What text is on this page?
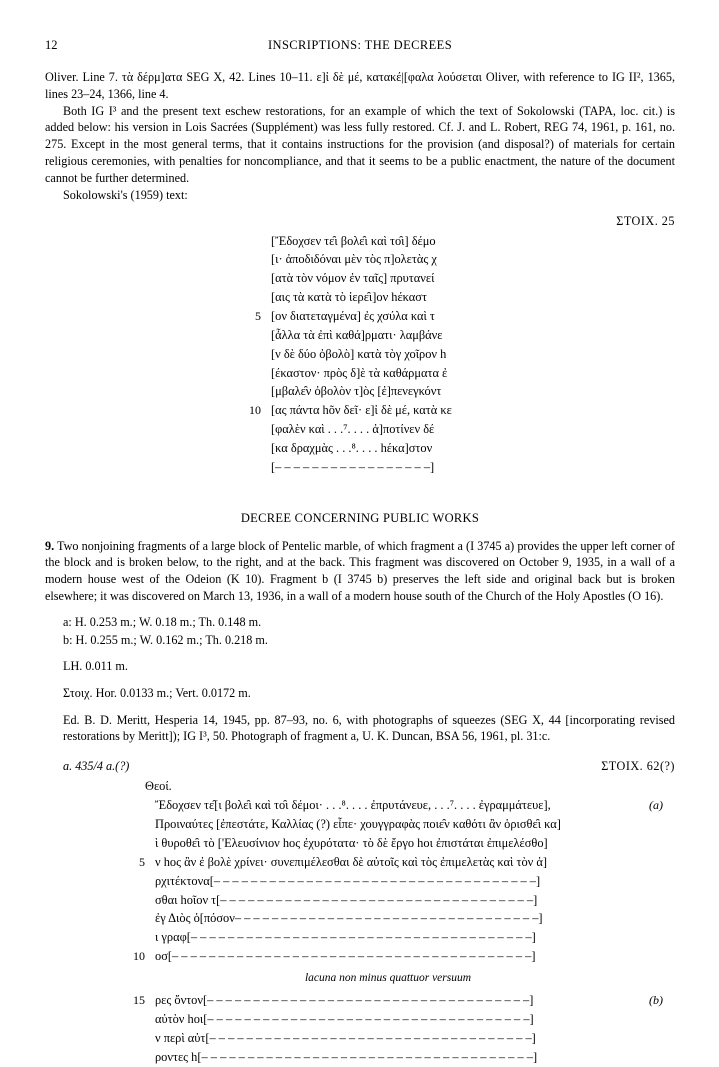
12	INSCRIPTIONS: THE DECREES

Oliver. Line 7. τὰ δέρμ]ατα SEG X, 42. Lines 10–11. ε]ἰ δὲ μέ, κατακέ|[φαλα λούσεται Oliver, with reference to IG II², 1365, lines 23–24, 1366, line 4.

Both IG I³ and the present text eschew restorations, for an example of which the text of Sokolowski (TAPA, loc. cit.) is added below: his version in Lois Sacrées (Supplément) was less fully restored. Cf. J. and L. Robert, REG 74, 1961, p. 161, no. 275. Except in the most general terms, that it contains instructions for the provision (and disposal?) of materials for certain religious ceremonies, with penalties for noncompliance, and that it seems to be a public enactment, the nature of the document cannot be further determined.

Sokolowski's (1959) text:

ΣΤΟΙΧ. 25
[Ἔδοχσεν τε̑ι βολε̑ι καὶ το̑ι] δέμο
[ι· ἀποδιδόναι μὲν τὸς π]ολετὰς χ
[ατὰ τὸν νόμον ἐν ταῖς] πρυτανεί
[αις τὰ κατὰ τὸ ἱερε̑ι]ον hέκαστ
5 [ον διατεταγμένα] ἐς χσύλα καὶ τ
[ἆλλα τὰ ἐπὶ καθά]ρματι· λαμβάνε
[ν δὲ δύο ὀβολὸ] κατὰ τὸγ χοῖρον h
[έκαστον· πρὸς δ]ὲ τὰ καθάρματα ἐ
[μβαλε̑ν ὀβολὸν τ]ὸς [ἐ]πενεγκόντ
10 [ας πάντα hõν δεῖ· ε]ἰ δὲ μέ, κατὰ κε
[φαλὲν καὶ . . .⁷. . . . ἀ]ποτίνεν δέ
[κα δραχμὰς . . .⁸. . . . hέκα]στον
[– – – – – – – – – – – – – – – – –]
DECREE CONCERNING PUBLIC WORKS

9. Two nonjoining fragments of a large block of Pentelic marble, of which fragment a (I 3745 a) provides the upper left corner of the block and is broken below, to the right, and at the back. This fragment was discovered on October 9, 1935, in a wall of a modern house west of the Odeion (K 10). Fragment b (I 3745 b) preserves the left side and original back but is broken elsewhere; it was discovered on March 13, 1936, in a wall of a modern house south of the Church of the Holy Apostles (O 16).

a: H. 0.253 m.; W. 0.18 m.; Th. 0.148 m.
b: H. 0.255 m.; W. 0.162 m.; Th. 0.218 m.
LH. 0.011 m.
Στοιχ. Hor. 0.0133 m.; Vert. 0.0172 m.

Ed. B. D. Meritt, Hesperia 14, 1945, pp. 87–93, no. 6, with photographs of squeezes (SEG X, 44 [incorporating revised restorations by Meritt]); IG I³, 50. Photograph of fragment a, U. K. Duncan, BSA 56, 1961, pl. 31:c.

a. 435/4 a.(?)	ΣΤΟΙΧ. 62(?)
Θεοί.
Ἔδοχσεν τε̑[ι βολε̑ι καὶ το̑ι δέμοι· . . .⁸. . . . ἐπρυτάνευε, . . .⁷. . . . ἐγραμμάτευε],	(a)
Προιναύτες [ἐπεστάτε, Καλλίας (?) εἶπε· χουγγραφὰς ποιε̑ν καθότι ἂν ὁρισθε̑ι κα]
ὶ θυροθε̑ι τὸ ['Ελευσίνιον hος ἐχυρότατα· τὸ δὲ ἔργο hοι ἐπιστάται ἐπιμελέσθο]
5 ν hος ἂν ἐ βολὲ χρίνει· συνεπιμέλεσθαι δὲ αὐτοῖς καὶ τὸς ἐπιμελετὰς καὶ τὸν ἀ]
ρχιτέκτονα[– – – – – – – – – – – – – – – – – – – – – – – – – – – – – – – – – – –]
σθαι hοῖον τ[– – – – – – – – – – – – – – – – – – – – – – – – – – – – – – – – – –]
ἐγ Διὸς ὁ[πόσον– – – – – – – – – – – – – – – – – – – – – – – – – – – – – – – – –]
ι γραφ[– – – – – – – – – – – – – – – – – – – – – – – – – – – – – – – – – – – – –]
10 οσ[– – – – – – – – – – – – – – – – – – – – – – – – – – – – – – – – – – – – – – –]
lacuna non minus quattuor versuum
15 ρες ὄντον[– – – – – – – – – – – – – – – – – – – – – – – – – – – – – – – – – – –]	(b)
αὐτὸν hοι[– – – – – – – – – – – – – – – – – – – – – – – – – – – – – – – – – – –]
ν περὶ αὐτ[– – – – – – – – – – – – – – – – – – – – – – – – – – – – – – – – – – –]
ροντες h[– – – – – – – – – – – – – – – – – – – – – – – – – – – – – – – – – – – –]
